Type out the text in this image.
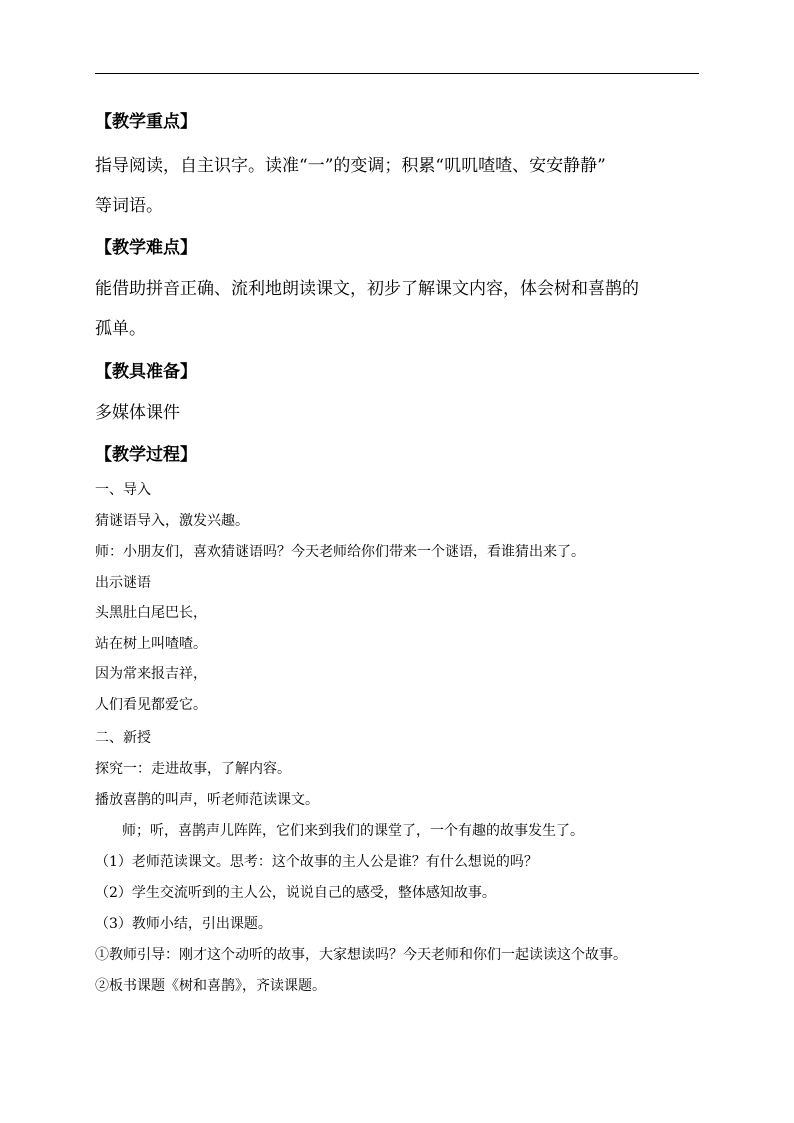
【教学重点】
指导阅读，自主识字。读准“一”的变调；积累“叽叽喳喳、安安静静”
等词语。
【教学难点】
能借助拼音正确、流利地朗读课文，初步了解课文内容，体会树和喜鹊的
孤单。
【教具准备】
多媒体课件
【教学过程】
一、导入
猜谜语导入，激发兴趣。
师：小朋友们，喜欢猜谜语吗？今天老师给你们带来一个谜语，看谁猜出来了。
出示谜语
头黑肚白尾巴长，
站在树上叫喳喳。
因为常来报吉祥，
人们看见都爱它。
二、新授
探究一：走进故事，了解内容。
播放喜鹊的叫声，听老师范读课文。
师；听，喜鹊声儿阵阵，它们来到我们的课堂了，一个有趣的故事发生了。
（1）老师范读课文。思考：这个故事的主人公是谁？有什么想说的吗？
（2）学生交流听到的主人公，说说自己的感受，整体感知故事。
（3）教师小结，引出课题。
①教师引导：刚才这个动听的故事，大家想读吗？今天老师和你们一起读读这个故事。
②板书课题《树和喜鹊》，齐读课题。
